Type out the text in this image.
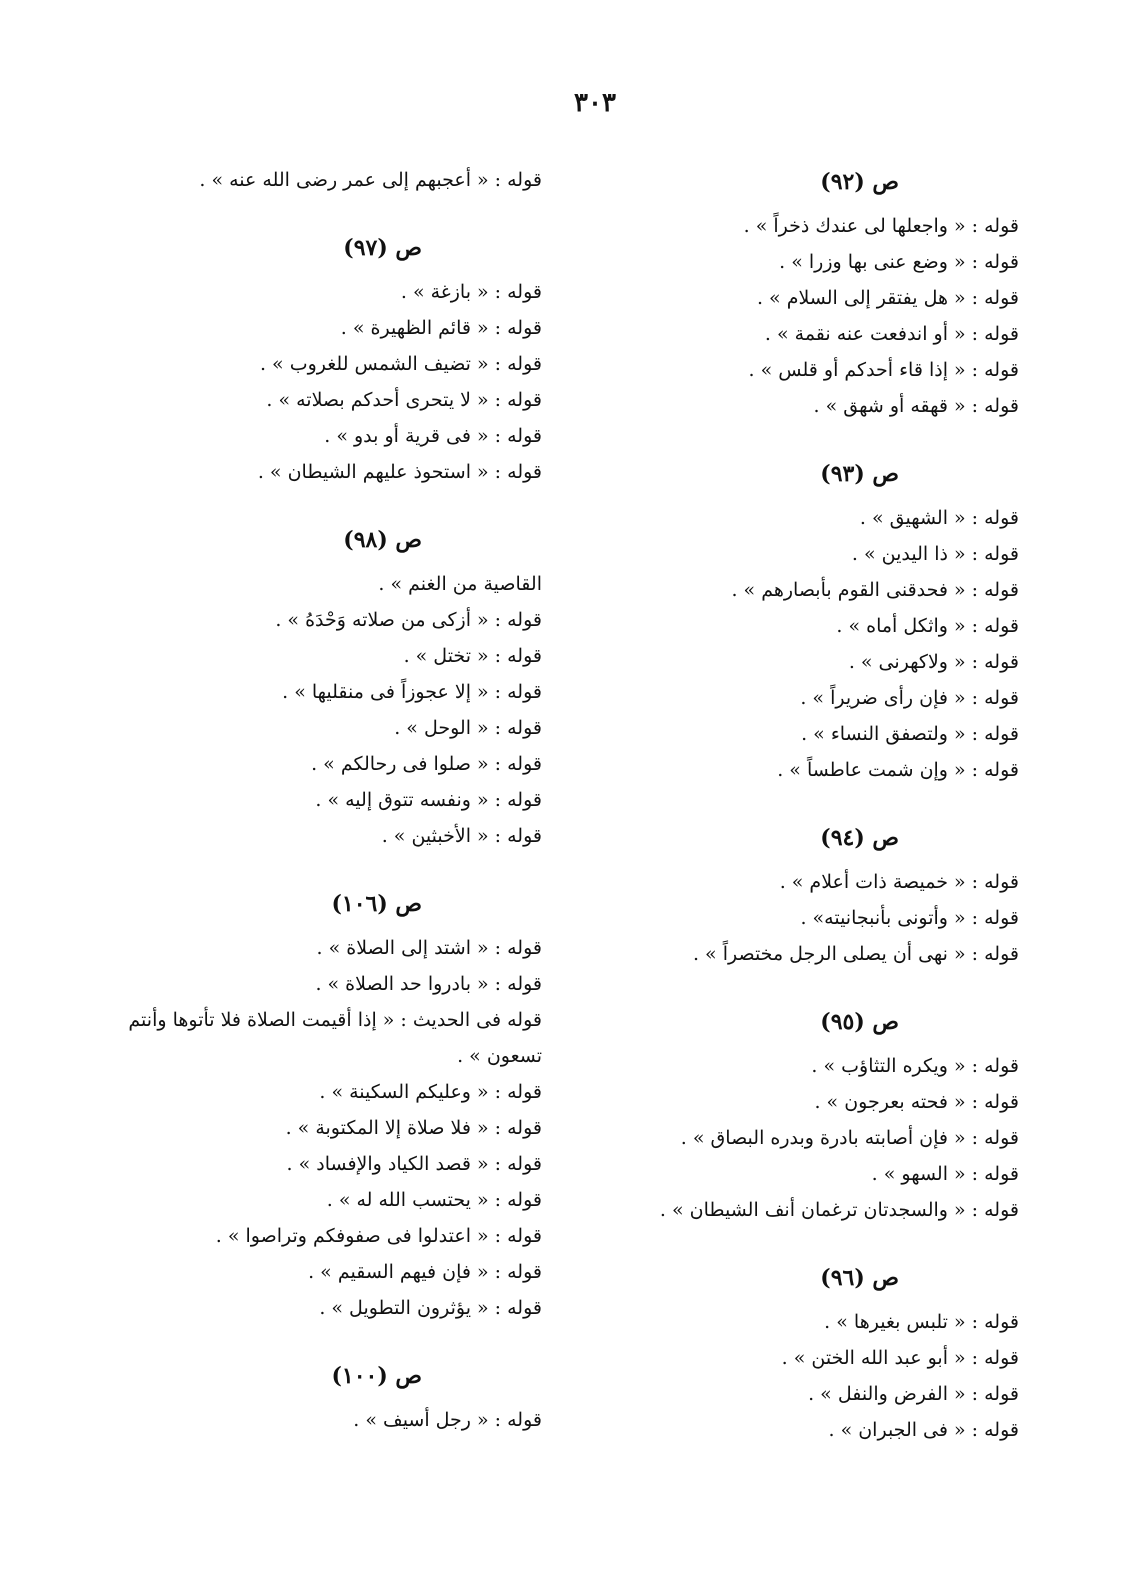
٣٠٣
ص (٩٢)
قوله : « واجعلها لى عندك ذخراً » .
قوله : « وضع عنى بها وزرا » .
قوله : « هل يفتقر إلى السلام » .
قوله : « أو اندفعت عنه نقمة » .
قوله : « إذا قاء أحدكم أو قلس » .
قوله : « قهقه أو شهق » .
ص (٩٣)
قوله : « الشهيق » .
قوله : « ذا اليدين » .
قوله : « فحدقنى القوم بأبصارهم » .
قوله : « واثكل أماه » .
قوله : « ولاكهرنى » .
قوله : « فإن رأى ضريراً » .
قوله : « ولتصفق النساء » .
قوله : « وإن شمت عاطساً » .
ص (٩٤)
قوله : « خميصة ذات أعلام » .
قوله : « وأتونى بأنبجانيته» .
قوله : « نهى أن يصلى الرجل مختصراً » .
ص (٩٥)
قوله : « ويكره التثاؤب » .
قوله : « فحته بعرجون » .
قوله : « فإن أصابته بادرة وبدره البصاق » .
قوله : « السهو » .
قوله : « والسجدتان ترغمان أنف الشيطان » .
ص (٩٦)
قوله : « تلبس بغيرها » .
قوله : « أبو عبد الله الختن » .
قوله : « الفرض والنفل » .
قوله : « فى الجبران » .
قوله : « أعجبهم إلى عمر رضى الله عنه » .
ص (٩٧)
قوله : « بازغة » .
قوله : « قائم الظهيرة » .
قوله : « تضيف الشمس للغروب » .
قوله : « لا يتحرى أحدكم بصلاته » .
قوله : « فى قرية أو بدو » .
قوله : « استحوذ عليهم الشيطان » .
ص (٩٨)
القاصية من الغنم » .
قوله : « أزكى من صلاته وَحْدَهُ » .
قوله : « تختل » .
قوله : « إلا عجوزاً فى منقليها » .
قوله : « الوحل » .
قوله : « صلوا فى رحالكم » .
قوله : « ونفسه تتوق إليه » .
قوله : « الأخبثين » .
ص (١٠٦)
قوله : « اشتد إلى الصلاة » .
قوله : « بادروا حد الصلاة » .
قوله فى الحديث : « إذا أقيمت الصلاة فلا تأتوها وأنتم تسعون » .
قوله : « وعليكم السكينة » .
قوله : « فلا صلاة إلا المكتوبة » .
قوله : « قصد الكياد والإفساد » .
قوله : « يحتسب الله له » .
قوله : « اعتدلوا فى صفوفكم وتراصوا » .
قوله : « فإن فيهم السقيم » .
قوله : « يؤثرون التطويل » .
ص (١٠٠)
قوله : « رجل أسيف » .
